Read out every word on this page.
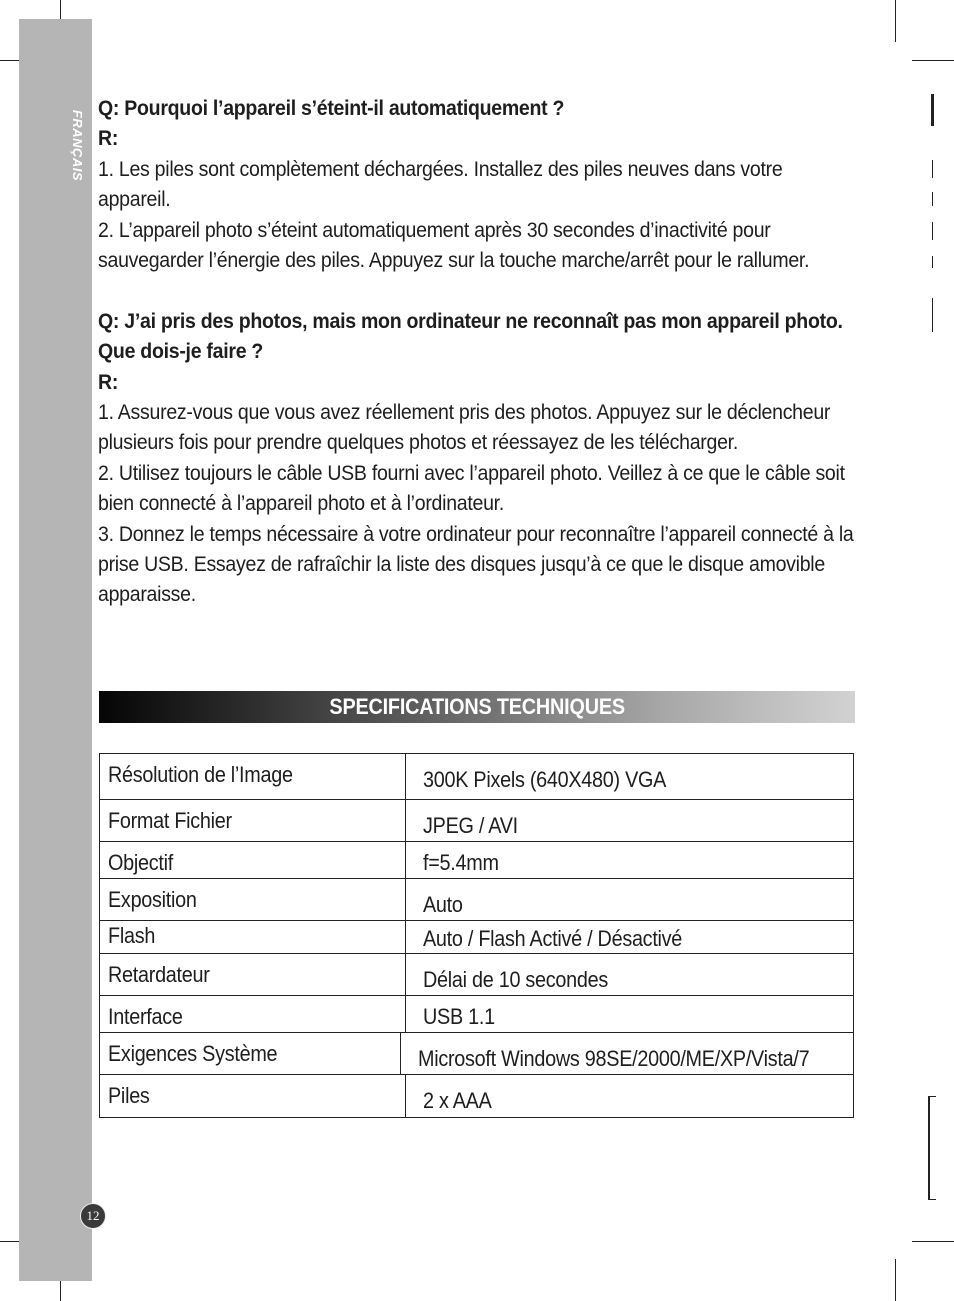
FRANÇAIS
12

Q: Pourquoi l’appareil s’éteint-il automatiquement ?

R:

1. Les piles sont complètement déchargées. Installez des piles neuves dans votre appareil.

2. L’appareil photo s’éteint automatiquement après 30 secondes d’inactivité pour sauvegarder l’énergie des piles. Appuyez sur la touche marche/arrêt pour le rallumer.

Q: J’ai pris des photos, mais mon ordinateur ne reconnaît pas mon appareil photo. Que dois-je faire ?

R:

1. Assurez-vous que vous avez réellement pris des photos. Appuyez sur le déclencheur plusieurs fois pour prendre quelques photos et réessayez de les télécharger.

2. Utilisez toujours le câble USB fourni avec l’appareil photo. Veillez à ce que le câble soit bien connecté à l’appareil photo et à l’ordinateur.

3. Donnez le temps nécessaire à votre ordinateur pour reconnaître l’appareil connecté à la prise USB. Essayez de rafraîchir la liste des disques jusqu’à ce que le disque amovible apparaisse.

SPECIFICATIONS TECHNIQUES
Résolution de l’Image	300K Pixels (640X480) VGA
Format Fichier	JPEG / AVI
Objectif	f=5.4mm
Exposition	Auto
Flash	Auto / Flash Activé / Désactivé
Retardateur	Délai de 10 secondes
Interface	USB 1.1
Exigences Système	Microsoft Windows 98SE/2000/ME/XP/Vista/7
Piles	2 x AAA
